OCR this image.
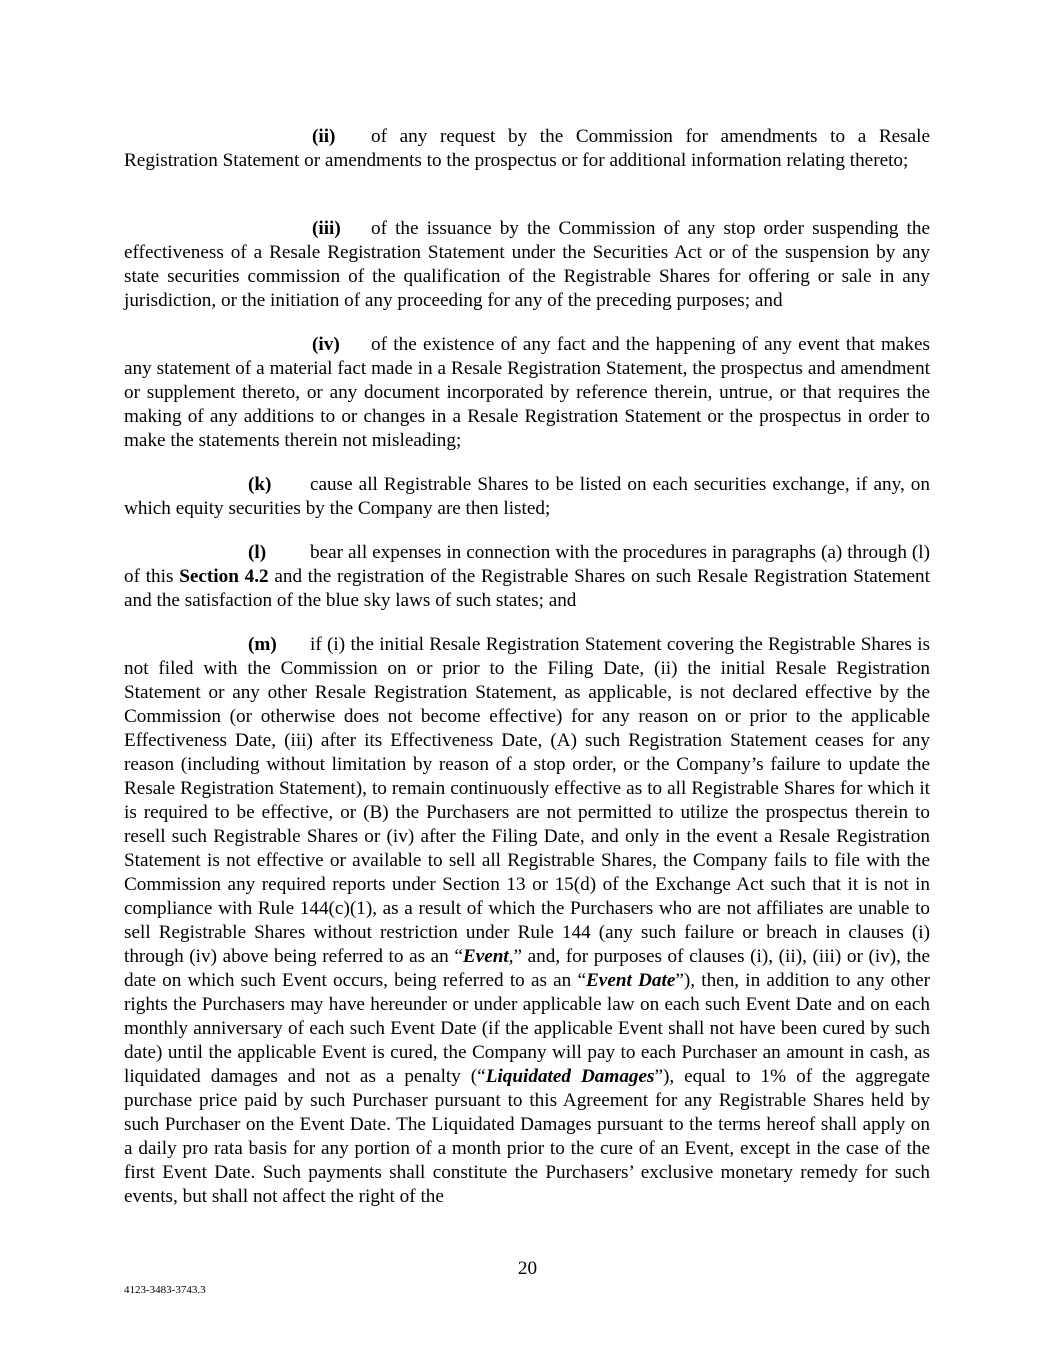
(ii) of any request by the Commission for amendments to a Resale Registration Statement or amendments to the prospectus or for additional information relating thereto;

(iii) of the issuance by the Commission of any stop order suspending the effectiveness of a Resale Registration Statement under the Securities Act or of the suspension by any state securities commission of the qualification of the Registrable Shares for offering or sale in any jurisdiction, or the initiation of any proceeding for any of the preceding purposes; and

(iv) of the existence of any fact and the happening of any event that makes any statement of a material fact made in a Resale Registration Statement, the prospectus and amendment or supplement thereto, or any document incorporated by reference therein, untrue, or that requires the making of any additions to or changes in a Resale Registration Statement or the prospectus in order to make the statements therein not misleading;

(k) cause all Registrable Shares to be listed on each securities exchange, if any, on which equity securities by the Company are then listed;

(l) bear all expenses in connection with the procedures in paragraphs (a) through (l) of this Section 4.2 and the registration of the Registrable Shares on such Resale Registration Statement and the satisfaction of the blue sky laws of such states; and

(m) if (i) the initial Resale Registration Statement covering the Registrable Shares is not filed with the Commission on or prior to the Filing Date, (ii) the initial Resale Registration Statement or any other Resale Registration Statement, as applicable, is not declared effective by the Commission (or otherwise does not become effective) for any reason on or prior to the applicable Effectiveness Date, (iii) after its Effectiveness Date, (A) such Registration Statement ceases for any reason (including without limitation by reason of a stop order, or the Company’s failure to update the Resale Registration Statement), to remain continuously effective as to all Registrable Shares for which it is required to be effective, or (B) the Purchasers are not permitted to utilize the prospectus therein to resell such Registrable Shares or (iv) after the Filing Date, and only in the event a Resale Registration Statement is not effective or available to sell all Registrable Shares, the Company fails to file with the Commission any required reports under Section 13 or 15(d) of the Exchange Act such that it is not in compliance with Rule 144(c)(1), as a result of which the Purchasers who are not affiliates are unable to sell Registrable Shares without restriction under Rule 144 (any such failure or breach in clauses (i) through (iv) above being referred to as an “Event,” and, for purposes of clauses (i), (ii), (iii) or (iv), the date on which such Event occurs, being referred to as an “Event Date”), then, in addition to any other rights the Purchasers may have hereunder or under applicable law on each such Event Date and on each monthly anniversary of each such Event Date (if the applicable Event shall not have been cured by such date) until the applicable Event is cured, the Company will pay to each Purchaser an amount in cash, as liquidated damages and not as a penalty (“Liquidated Damages”), equal to 1% of the aggregate purchase price paid by such Purchaser pursuant to this Agreement for any Registrable Shares held by such Purchaser on the Event Date. The Liquidated Damages pursuant to the terms hereof shall apply on a daily pro rata basis for any portion of a month prior to the cure of an Event, except in the case of the first Event Date. Such payments shall constitute the Purchasers’ exclusive monetary remedy for such events, but shall not affect the right of the

20
4123-3483-3743.3
